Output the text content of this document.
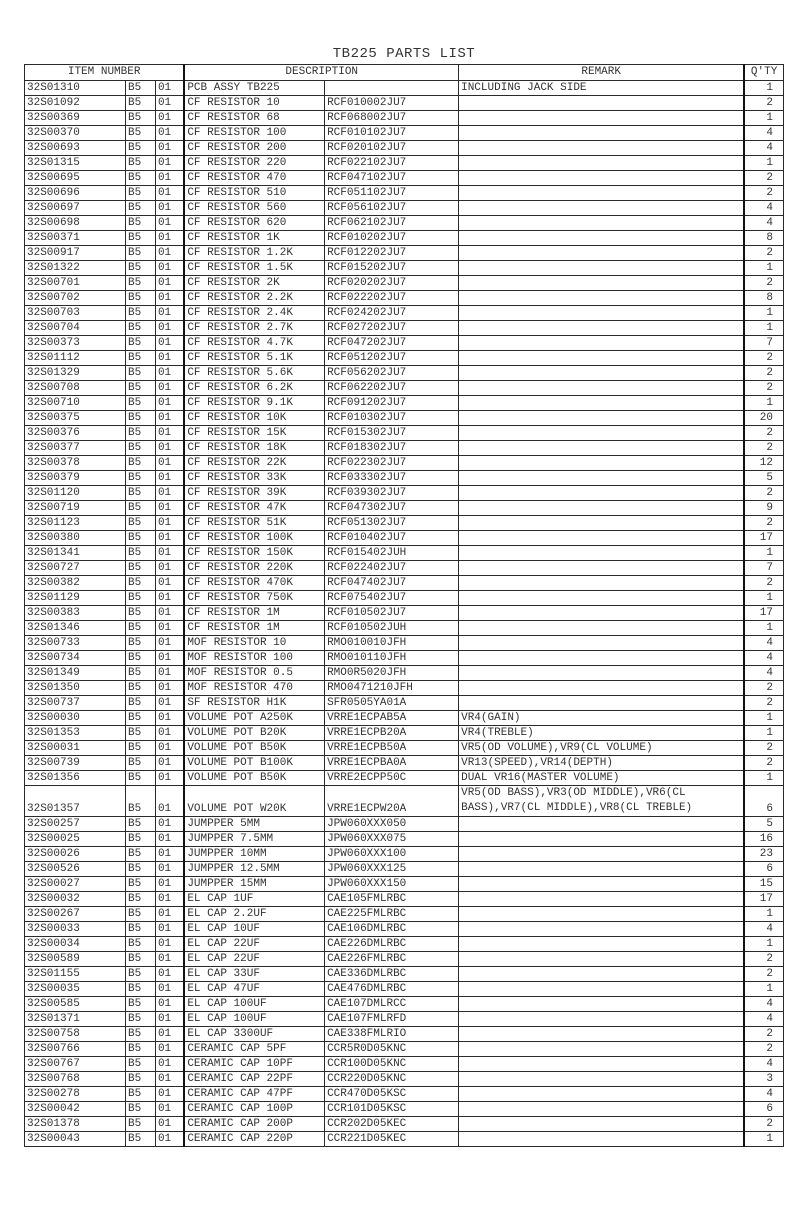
TB225 PARTS LIST
ITEM NUMBER			DESCRIPTION		REMARK	Q'TY
32S01310	B5	01	PCB ASSY TB225		INCLUDING JACK SIDE	1
32S01092	B5	01	CF RESISTOR 10	RCF010002JU7		2
32S00369	B5	01	CF RESISTOR 68	RCF068002JU7		1
32S00370	B5	01	CF RESISTOR 100	RCF010102JU7		4
32S00693	B5	01	CF RESISTOR 200	RCF020102JU7		4
32S01315	B5	01	CF RESISTOR 220	RCF022102JU7		1
32S00695	B5	01	CF RESISTOR 470	RCF047102JU7		2
32S00696	B5	01	CF RESISTOR 510	RCF051102JU7		2
32S00697	B5	01	CF RESISTOR 560	RCF056102JU7		4
32S00698	B5	01	CF RESISTOR 620	RCF062102JU7		4
32S00371	B5	01	CF RESISTOR 1K	RCF010202JU7		8
32S00917	B5	01	CF RESISTOR 1.2K	RCF012202JU7		2
32S01322	B5	01	CF RESISTOR 1.5K	RCF015202JU7		1
32S00701	B5	01	CF RESISTOR 2K	RCF020202JU7		2
32S00702	B5	01	CF RESISTOR 2.2K	RCF022202JU7		8
32S00703	B5	01	CF RESISTOR 2.4K	RCF024202JU7		1
32S00704	B5	01	CF RESISTOR 2.7K	RCF027202JU7		1
32S00373	B5	01	CF RESISTOR 4.7K	RCF047202JU7		7
32S01112	B5	01	CF RESISTOR 5.1K	RCF051202JU7		2
32S01329	B5	01	CF RESISTOR 5.6K	RCF056202JU7		2
32S00708	B5	01	CF RESISTOR 6.2K	RCF062202JU7		2
32S00710	B5	01	CF RESISTOR 9.1K	RCF091202JU7		1
32S00375	B5	01	CF RESISTOR 10K	RCF010302JU7		20
32S00376	B5	01	CF RESISTOR 15K	RCF015302JU7		2
32S00377	B5	01	CF RESISTOR 18K	RCF018302JU7		2
32S00378	B5	01	CF RESISTOR 22K	RCF022302JU7		12
32S00379	B5	01	CF RESISTOR 33K	RCF033302JU7		5
32S01120	B5	01	CF RESISTOR 39K	RCF039302JU7		2
32S00719	B5	01	CF RESISTOR 47K	RCF047302JU7		9
32S01123	B5	01	CF RESISTOR 51K	RCF051302JU7		2
32S00380	B5	01	CF RESISTOR 100K	RCF010402JU7		17
32S01341	B5	01	CF RESISTOR 150K	RCF015402JUH		1
32S00727	B5	01	CF RESISTOR 220K	RCF022402JU7		7
32S00382	B5	01	CF RESISTOR 470K	RCF047402JU7		2
32S01129	B5	01	CF RESISTOR 750K	RCF075402JU7		1
32S00383	B5	01	CF RESISTOR 1M	RCF010502JU7		17
32S01346	B5	01	CF RESISTOR 1M	RCF010502JUH		1
32S00733	B5	01	MOF RESISTOR 10	RMO010010JFH		4
32S00734	B5	01	MOF RESISTOR 100	RMO010110JFH		4
32S01349	B5	01	MOF RESISTOR 0.5	RMO0R5020JFH		4
32S01350	B5	01	MOF RESISTOR 470	RMO0471210JFH		2
32S00737	B5	01	SF RESISTOR H1K	SFR0505YA01A		2
32S00030	B5	01	VOLUME POT A250K	VRRE1ECPAB5A	VR4(GAIN)	1
32S01353	B5	01	VOLUME POT B20K	VRRE1ECPB20A	VR4(TREBLE)	1
32S00031	B5	01	VOLUME POT B50K	VRRE1ECPB50A	VR5(OD VOLUME),VR9(CL VOLUME)	2
32S00739	B5	01	VOLUME POT B100K	VRRE1ECPBA0A	VR13(SPEED),VR14(DEPTH)	2
32S01356	B5	01	VOLUME POT B50K	VRRE2ECPP50C	DUAL VR16(MASTER VOLUME)	1
32S01357	B5	01	VOLUME POT W20K	VRRE1ECPW20A	VR5(OD BASS),VR3(OD MIDDLE),VR6(CL BASS),VR7(CL MIDDLE),VR8(CL TREBLE)	6
32S00257	B5	01	JUMPPER 5MM	JPW060XXX050		5
32S00025	B5	01	JUMPPER 7.5MM	JPW060XXX075		16
32S00026	B5	01	JUMPPER 10MM	JPW060XXX100		23
32S00526	B5	01	JUMPPER 12.5MM	JPW060XXX125		6
32S00027	B5	01	JUMPPER 15MM	JPW060XXX150		15
32S00032	B5	01	EL CAP 1UF	CAE105FMLRBC		17
32S00267	B5	01	EL CAP 2.2UF	CAE225FMLRBC		1
32S00033	B5	01	EL CAP 10UF	CAE106DMLRBC		4
32S00034	B5	01	EL CAP 22UF	CAE226DMLRBC		1
32S00589	B5	01	EL CAP 22UF	CAE226FMLRBC		2
32S01155	B5	01	EL CAP 33UF	CAE336DMLRBC		2
32S00035	B5	01	EL CAP 47UF	CAE476DMLRBC		1
32S00585	B5	01	EL CAP 100UF	CAE107DMLRCC		4
32S01371	B5	01	EL CAP 100UF	CAE107FMLRFD		4
32S00758	B5	01	EL CAP 3300UF	CAE338FMLRIO		2
32S00766	B5	01	CERAMIC CAP 5PF	CCR5R0D05KNC		2
32S00767	B5	01	CERAMIC CAP 10PF	CCR100D05KNC		4
32S00768	B5	01	CERAMIC CAP 22PF	CCR220D05KNC		3
32S00278	B5	01	CERAMIC CAP 47PF	CCR470D05KSC		4
32S00042	B5	01	CERAMIC CAP 100P	CCR101D05KSC		6
32S01378	B5	01	CERAMIC CAP 200P	CCR202D05KEC		2
32S00043	B5	01	CERAMIC CAP 220P	CCR221D05KEC		1
